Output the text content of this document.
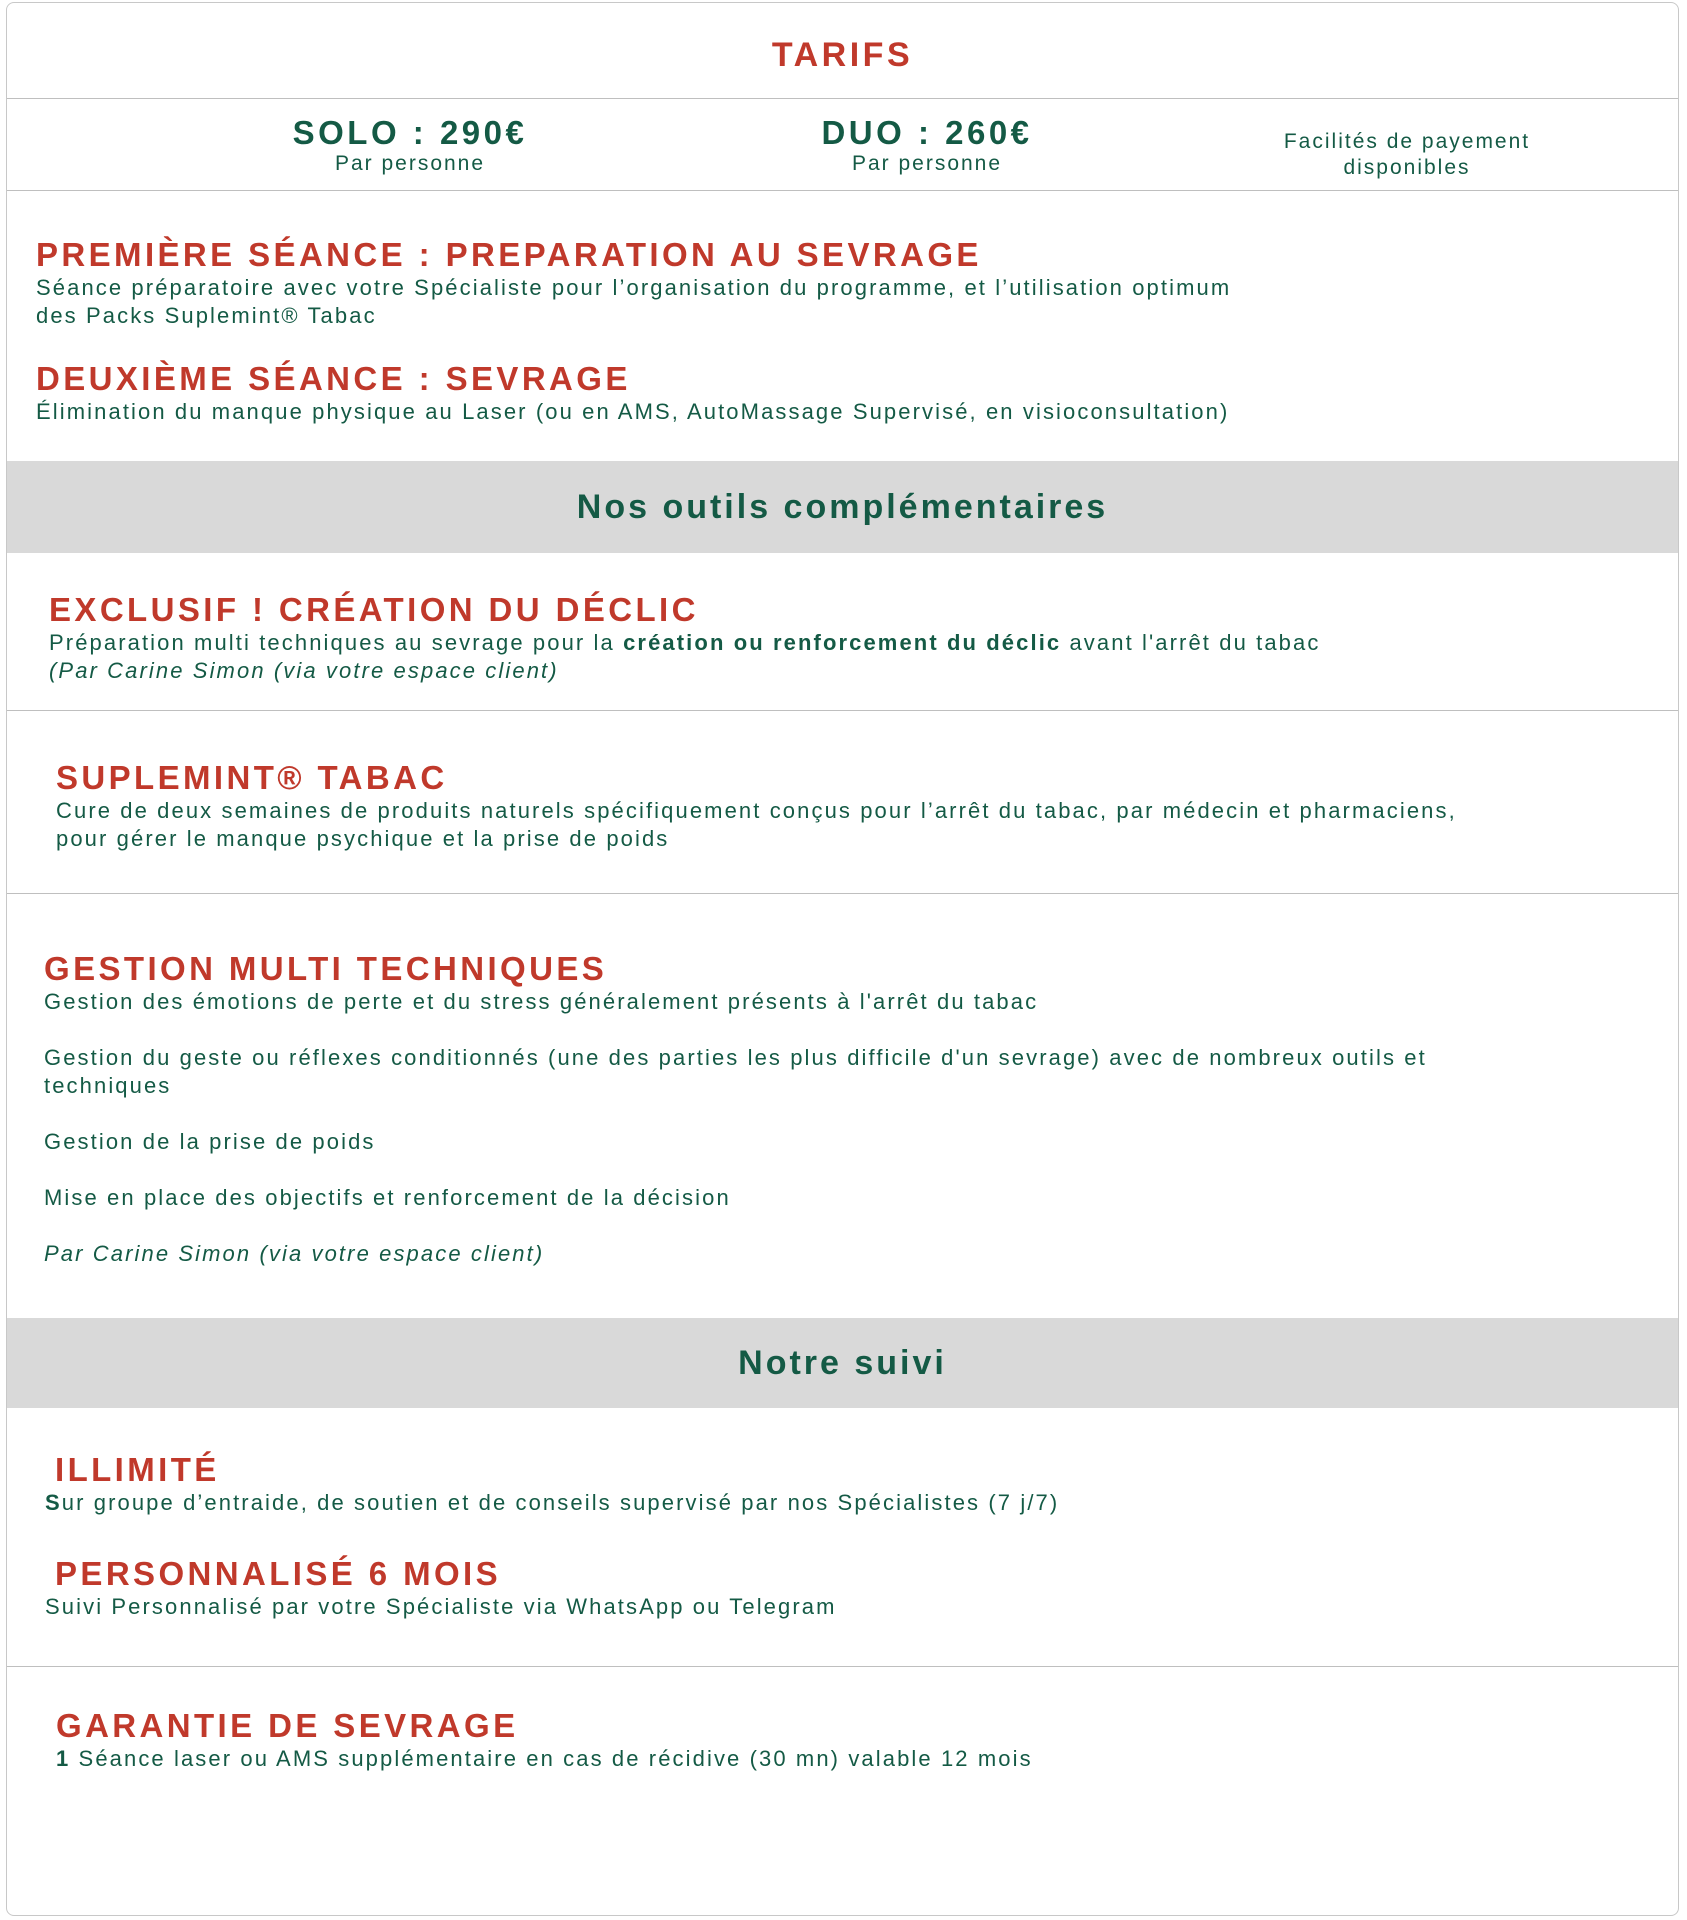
TARIFS
SOLO : 290€
Par personne
DUO : 260€
Par personne
Facilités de payement
disponibles
PREMIÈRE SÉANCE : PREPARATION AU SEVRAGE

Séance préparatoire avec votre Spécialiste pour l’organisation du programme, et l’utilisation optimum

des Packs Suplemint® Tabac

DEUXIÈME SÉANCE : SEVRAGE

Élimination du manque physique au Laser (ou en AMS, AutoMassage Supervisé, en visioconsultation)

Nos outils complémentaires
EXCLUSIF ! CRÉATION DU DÉCLIC

Préparation multi techniques au sevrage pour la création ou renforcement du déclic avant l'arrêt du tabac

(Par Carine Simon (via votre espace client)

SUPLEMINT® TABAC

Cure de deux semaines de produits naturels spécifiquement conçus pour l’arrêt du tabac, par médecin et pharmaciens,

pour gérer le manque psychique et la prise de poids

GESTION MULTI TECHNIQUES

Gestion des émotions de perte et du stress généralement présents à l'arrêt du tabac

Gestion du geste ou réflexes conditionnés (une des parties les plus difficile d'un sevrage) avec de nombreux outils et

techniques

Gestion de la prise de poids

Mise en place des objectifs et renforcement de la décision

Par Carine Simon (via votre espace client)

Notre suivi
ILLIMITÉ

Sur groupe d’entraide, de soutien et de conseils supervisé par nos Spécialistes (7 j/7)

PERSONNALISÉ 6 MOIS

Suivi Personnalisé par votre Spécialiste via WhatsApp ou Telegram

GARANTIE DE SEVRAGE

1 Séance laser ou AMS supplémentaire en cas de récidive (30 mn) valable 12 mois
